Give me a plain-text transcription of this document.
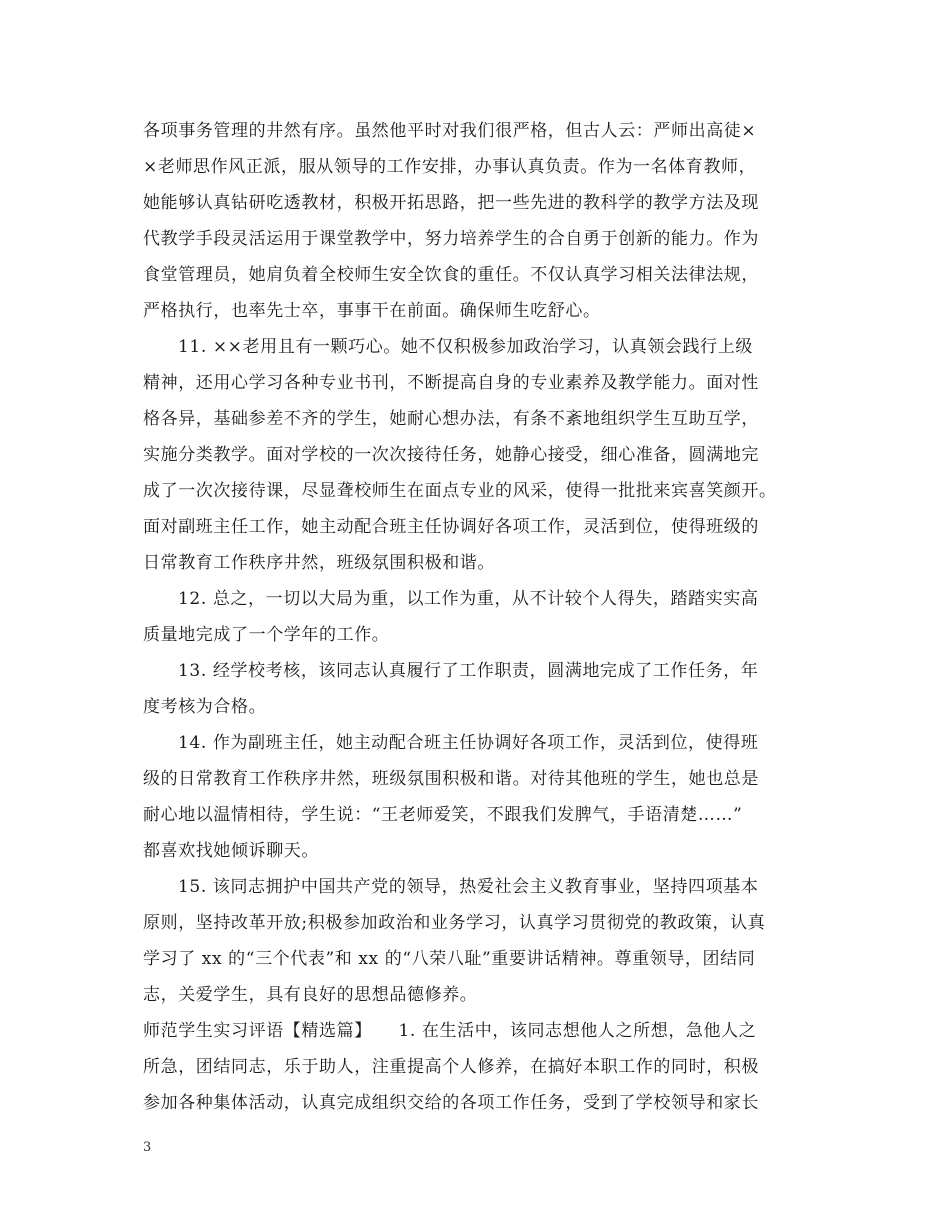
各项事务管理的井然有序。虽然他平时对我们很严格，但古人云：严师出高徒×
×老师思作风正派，服从领导的工作安排，办事认真负责。作为一名体育教师，
她能够认真钻研吃透教材，积极开拓思路，把一些先进的教科学的教学方法及现
代教学手段灵活运用于课堂教学中，努力培养学生的合自勇于创新的能力。作为
食堂管理员，她肩负着全校师生安全饮食的重任。不仅认真学习相关法律法规，
严格执行，也率先士卒，事事干在前面。确保师生吃舒心。
11. ××老用且有一颗巧心。她不仅积极参加政治学习，认真领会践行上级
精神，还用心学习各种专业书刊，不断提高自身的专业素养及教学能力。面对性
格各异，基础参差不齐的学生，她耐心想办法，有条不紊地组织学生互助互学，
实施分类教学。面对学校的一次次接待任务，她静心接受，细心准备，圆满地完
成了一次次接待课，尽显聋校师生在面点专业的风采，使得一批批来宾喜笑颜开。
面对副班主任工作，她主动配合班主任协调好各项工作，灵活到位，使得班级的
日常教育工作秩序井然，班级氛围积极和谐。
12. 总之，一切以大局为重，以工作为重，从不计较个人得失，踏踏实实高
质量地完成了一个学年的工作。
13. 经学校考核，该同志认真履行了工作职责，圆满地完成了工作任务，年
度考核为合格。
14. 作为副班主任，她主动配合班主任协调好各项工作，灵活到位，使得班
级的日常教育工作秩序井然，班级氛围积极和谐。对待其他班的学生，她也总是
耐心地以温情相待，学生说：“王老师爱笑，不跟我们发脾气，手语清楚……”
都喜欢找她倾诉聊天。
15. 该同志拥护中国共产党的领导，热爱社会主义教育事业，坚持四项基本
原则，坚持改革开放;积极参加政治和业务学习，认真学习贯彻党的教政策，认真
学习了 xx 的“三个代表”和 xx 的“八荣八耻”重要讲话精神。尊重领导，团结同
志，关爱学生，具有良好的思想品德修养。
师范学生实习评语【精选篇】　　1. 在生活中，该同志想他人之所想，急他人之
所急，团结同志，乐于助人，注重提高个人修养，在搞好本职工作的同时，积极
参加各种集体活动，认真完成组织交给的各项工作任务，受到了学校领导和家长
3
